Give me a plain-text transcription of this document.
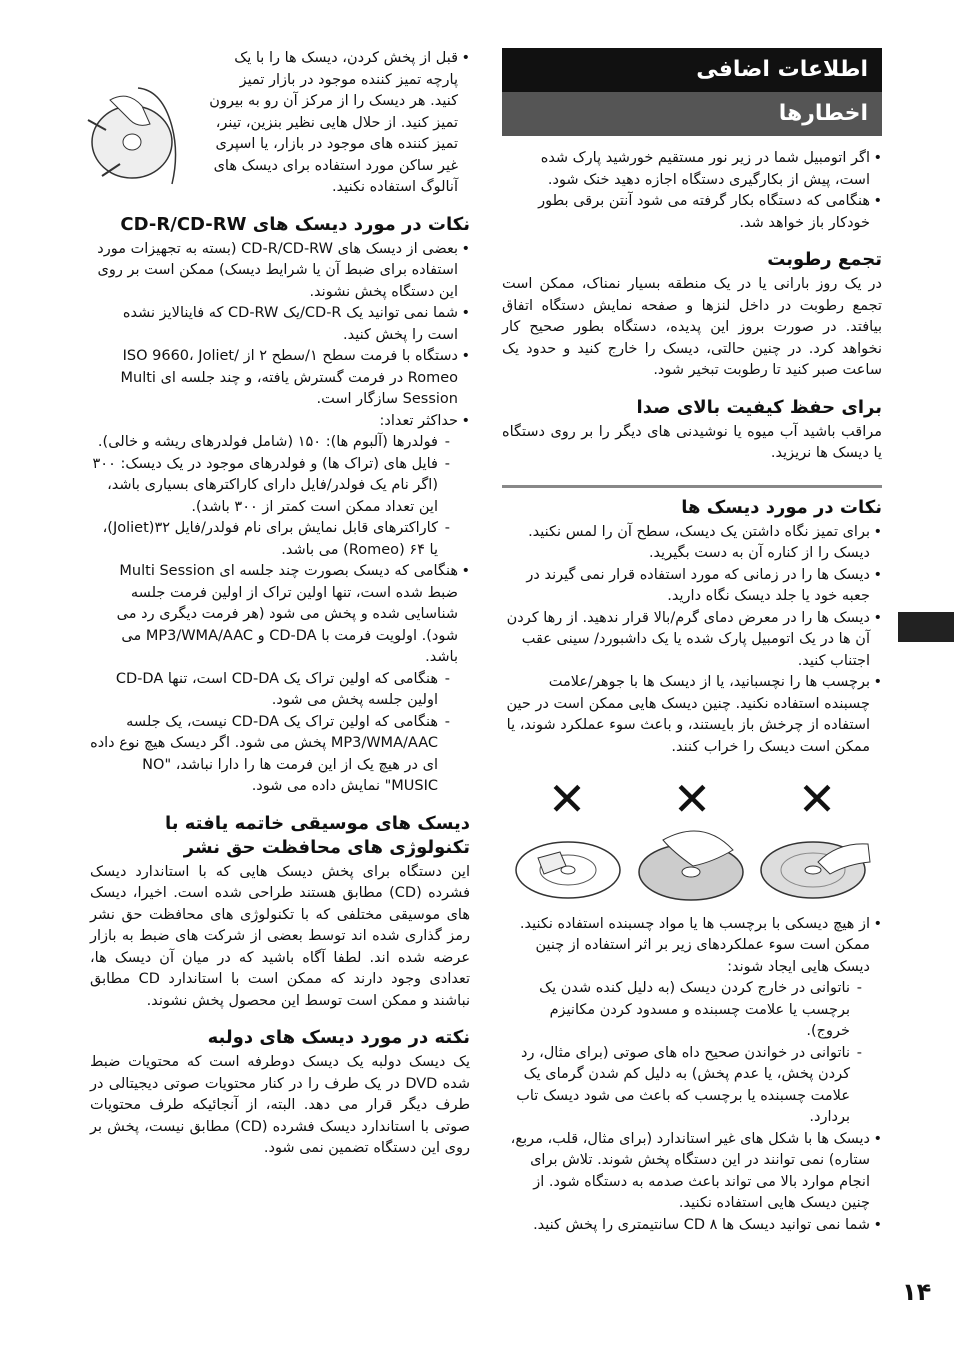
اطلاعات اضافی
اخطارها
• اگر اتومبیل شما در زیر نور مستقیم خورشید پارک شده است، پیش از بکارگیری دستگاه اجازه دهید خنک شود.
• هنگامی که دستگاه بکار گرفته می شود آنتن برقی بطور خودکار باز خواهد شد.
تجمع رطوبت

در یک روز بارانی یا در یک منطقه بسیار نمناک، ممکن است تجمع رطوبت در داخل لنزها و صفحه نمایش دستگاه اتفاق بیافتد. در صورت بروز این پدیده، دستگاه بطور صحیح کار نخواهد کرد. در چنین حالتی، دیسک را خارج کنید و حدود یک ساعت صبر کنید تا رطوبت تبخیر شود.

برای حفظ کیفیت بالای صدا

مراقب باشید آب میوه یا نوشیدنی های دیگر را بر روی دستگاه یا دیسک ها نریزید.

نکات در مورد دیسک ها
• برای تمیز نگاه داشتن یک دیسک، سطح آن را لمس نکنید. دیسک را از کناره آن به دست بگیرید.
• دیسک ها را در زمانی که مورد استفاده قرار نمی گیرند در جعبه خود یا جلد دیسک نگاه دارید.
• دیسک ها را در معرض دمای گرم/بالا قرار ندهید. از رها کردن آن ها در یک اتومبیل پارک شده یا یک داشبورد/ سینی عقب اجتناب کنید.
• برچسب ها را نچسبانید، یا از دیسک ها با جوهر/علامت چسبنده استفاده نکنید. چنین دیسک هایی ممکن است در حین استفاده از چرخش باز بایستند، و باعث سوء عملکرد شوند، یا ممکن است دیسک را خراب کنند.
✕
✕
✕
• از هیچ دیسکی با برچسب ها یا مواد چسبنده استفاده نکنید. ممکن است سوء عملکردهای زیر بر اثر استفاده از چنین دیسک هایی ایجاد شوند:
- ناتوانی در خارج کردن دیسک (به دلیل کنده شدن یک برچسب یا علامت چسبنده و مسدود کردن مکانیزم خروج).
- ناتوانی در خواندن صحیح داه های صوتی (برای مثال، رد کردن پخش، یا عدم پخش) به دلیل کم شدن گرمای یک علامت چسبنده یا برچسب که باعث می شود دیسک تاب بردارد.
• دیسک ها با شکل های غیر استاندارد (برای مثال، قلب، مربع، ستاره) نمی توانند در این دستگاه پخش شوند. تلاش برای انجام موارد بالا می تواند باعث صدمه به دستگاه شود. از چنین دیسک هایی استفاده نکنید.
• شما نمی توانید دیسک ها CD ۸ سانتیمتری را پخش کنید.
• قبل از پخش کردن، دیسک ها را با یک پارچه تمیز کننده موجود در بازار تمیز کنید. هر دیسک را از مرکز آن رو به بیرون تمیز کنید. از حلال هایی نظیر بنزین، تینر، تمیز کننده های موجود در بازار، یا اسپری غیر ساکن مورد استفاده برای دیسک های آنالوگ استفاده نکنید.
نکات در مورد دیسک های CD-R/CD-RW
• بعضی از دیسک های CD-R/CD-RW (بسته به تجهیزات مورد استفاده برای ضبط آن یا شرایط دیسک) ممکن است بر روی این دستگاه پخش نشوند.
• شما نمی توانید یک CD-R/یک CD-RW که فاینالایز نشده است را پخش کنید.
• دستگاه با فرمت سطح ۱/سطح ۲ از ISO 9660، Joliet/ Romeo در فرمت گسترش یافته، و چند جلسه ای Multi Session سازگار است.
• حداکثر تعداد:
- فولدرها (آلبوم ها): ۱۵۰ (شامل فولدرهای ریشه و خالی).
- فایل های (تراک ها) و فولدرهای موجود در یک دیسک: ۳۰۰ (اگر نام یک فولدر/فایل دارای کاراکترهای بسیاری باشد، این تعداد ممکن است کمتر از ۳۰۰ باشد).
- کاراکترهای قابل نمایش برای نام فولدر/فایل ۳۲(Joliet)، یا ۶۴ (Romeo) می باشد.
• هنگامی که دیسک بصورت چند جلسه ای Multi Session ضبط شده است، تنها اولین تراک از اولین فرمت جلسه شناسایی شده و پخش می شود (هر فرمت دیگری رد می شود). اولویت فرمت با CD-DA و MP3/WMA/AAC می باشد.
- هنگامی که اولین تراک یک CD-DA است، تنها CD-DA اولین جلسه پخش می شود.
- هنگامی که اولین تراک یک CD-DA نیست، یک جلسه MP3/WMA/AAC پخش می شود. اگر دیسک هیچ نوع داده ای در هیچ یک از این فرمت ها را دارا نباشد، "NO MUSIC" نمایش داده می شود.
دیسک های موسیقی خاتمه یافته با تکنولوژی های محافظت حق نشر

این دستگاه برای پخش دیسک هایی که با استاندارد دیسک فشرده (CD) مطابق هستند طراحی شده است. اخیرا، دیسک های موسیقی مختلفی که با تکنولوژی های محافظت حق نشر رمز گذاری شده اند توسط بعضی از شرکت های ضبط به بازار عرضه شده اند. لطفا آگاه باشید که در میان آن دیسک ها، تعدادی وجود دارند که ممکن است با استاندارد CD مطابق نباشند و ممکن است توسط این محصول پخش نشوند.

نکته در مورد دیسک های دولبه

یک دیسک دولبه یک دیسک دوطرفه است که محتویات ضبط شده DVD در یک طرف را در کنار محتویات صوتی دیجیتالی در طرف دیگر قرار می دهد. البته، از آنجائیکه طرف محتویات صوتی با استاندارد دیسک فشرده (CD) مطابق نیست، پخش بر روی این دستگاه تضمین نمی شود.

۱۴
